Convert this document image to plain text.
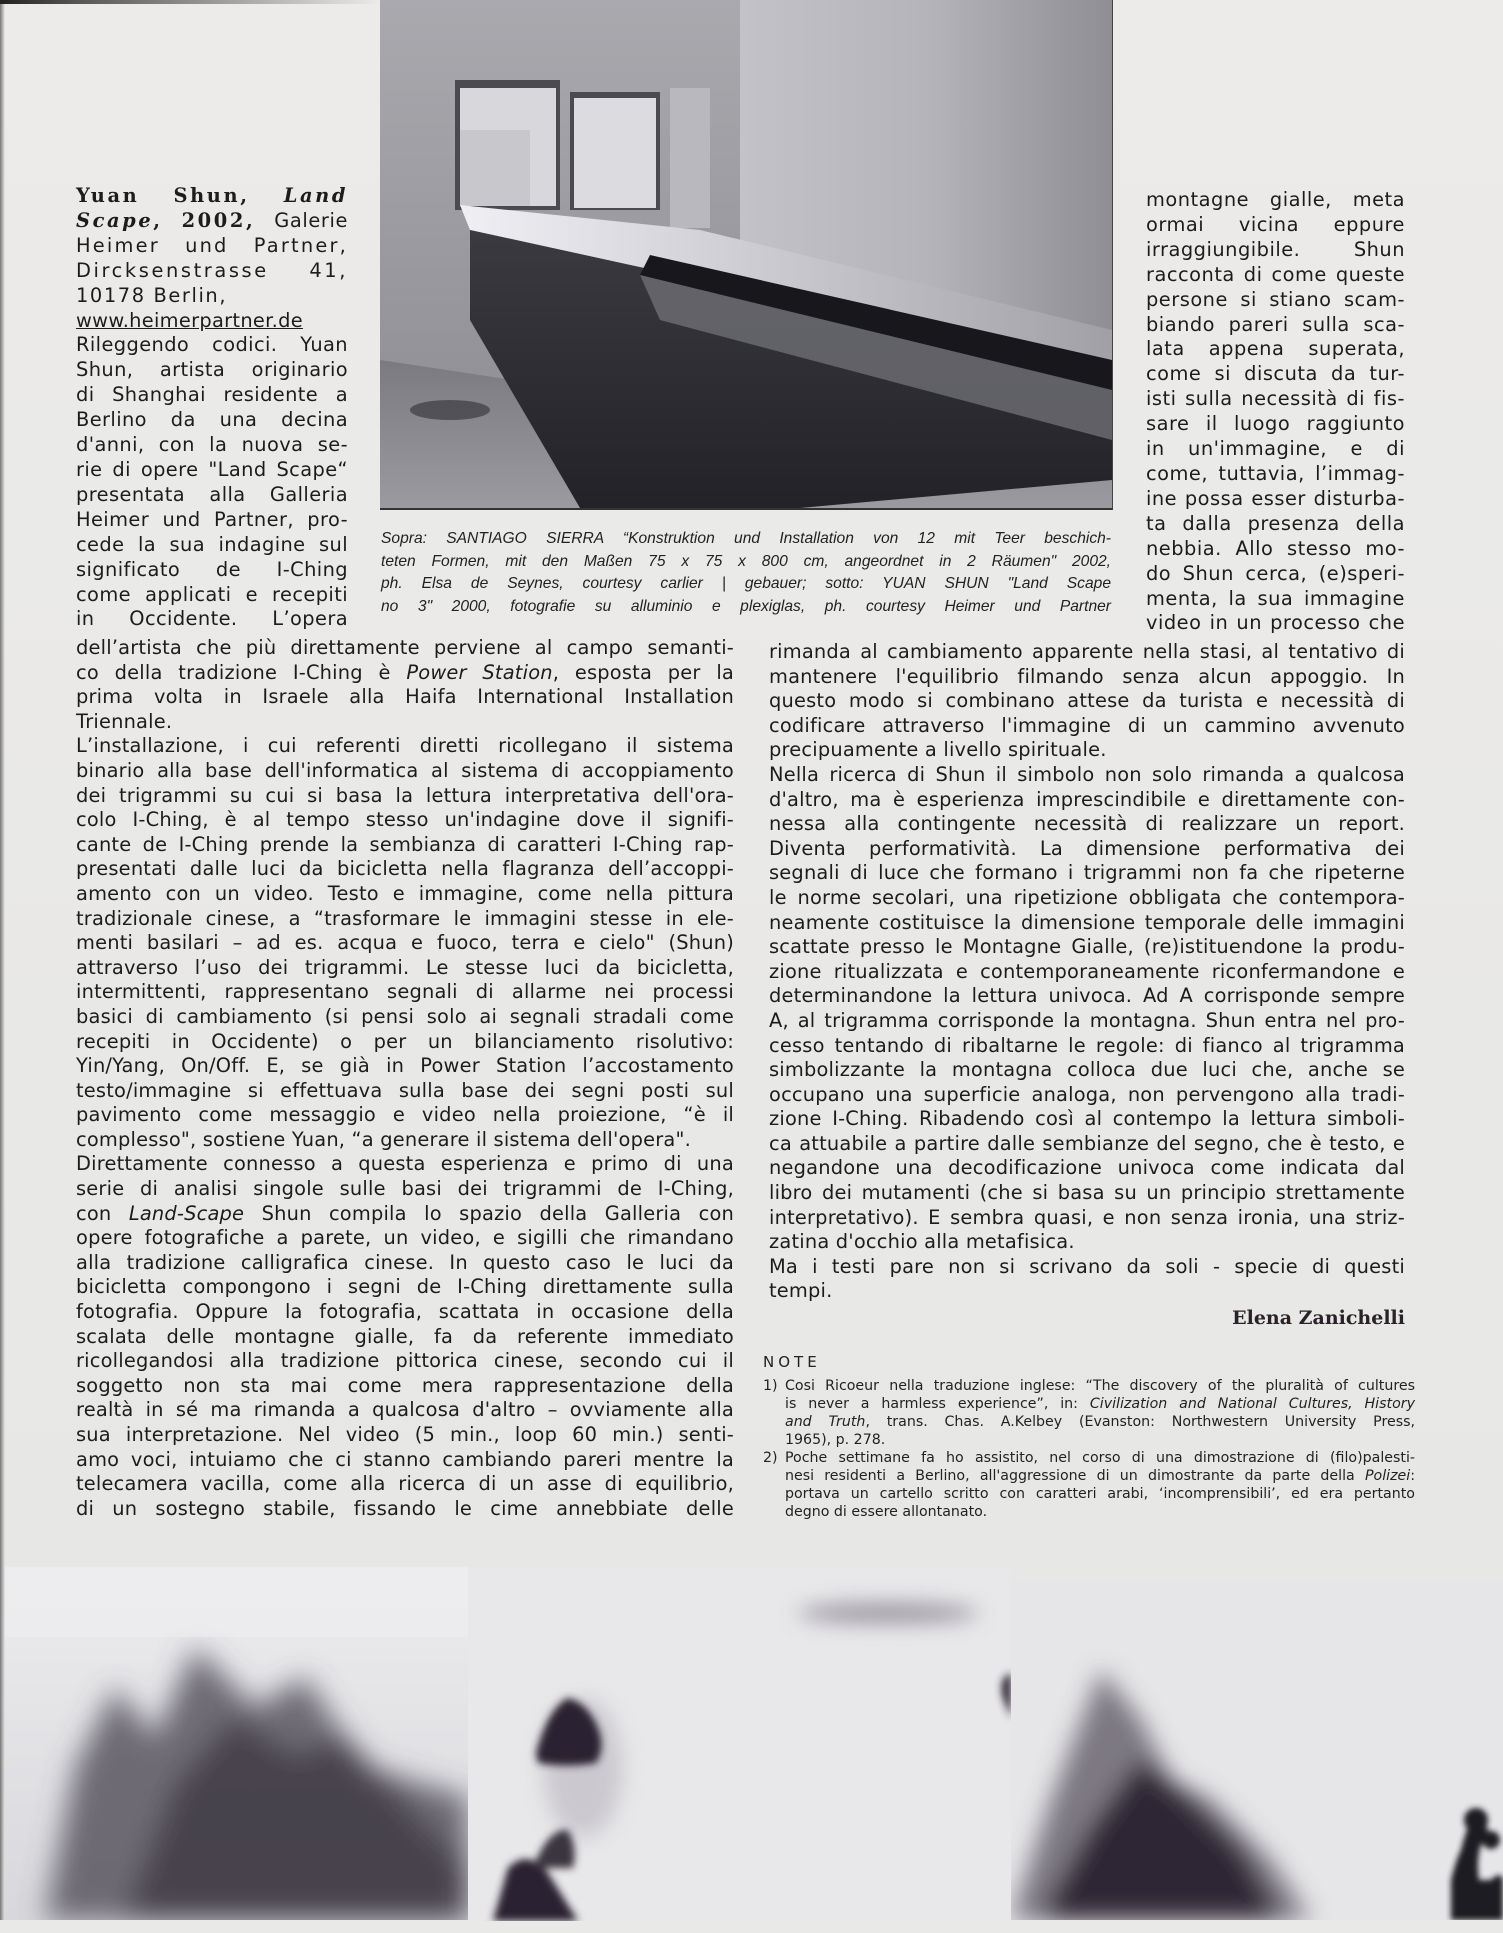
Sopra: SANTIAGO SIERRA “Konstruktion und Installation von 12 mit Teer beschich-
teten Formen, mit den Maßen 75 x 75 x 800 cm, angeordnet in 2 Räumen" 2002,
ph. Elsa de Seynes, courtesy carlier | gebauer; sotto: YUAN SHUN "Land Scape
no 3" 2000, fotografie su alluminio e plexiglas, ph. courtesy Heimer und Partner
Yuan Shun, Land
Scape, 2002, Galerie
Heimer und Partner,
Dircksenstrasse 41,
10178 Berlin,
www.heimerpartner.de
Rileggendo codici. Yuan
Shun, artista originario
di Shanghai residente a
Berlino da una decina
d'anni, con la nuova se-
rie di opere "Land Scape“
presentata alla Galleria
Heimer und Partner, pro-
cede la sua indagine sul
significato de I-Ching
come applicati e recepiti
in Occidente. L’opera
montagne gialle, meta
ormai vicina eppure
irraggiungibile. Shun
racconta di come queste
persone si stiano scam-
biando pareri sulla sca-
lata appena superata,
come si discuta da tur-
isti sulla necessità di fis-
sare il luogo raggiunto
in un'immagine, e di
come, tuttavia, l’immag-
ine possa esser disturba-
ta dalla presenza della
nebbia. Allo stesso mo-
do Shun cerca, (e)speri-
menta, la sua immagine
video in un processo che
dell’artista che più direttamente perviene al campo semanti-
co della tradizione I-Ching è Power Station, esposta per la
prima volta in Israele alla Haifa International Installation
Triennale.
L’installazione, i cui referenti diretti ricollegano il sistema
binario alla base dell'informatica al sistema di accoppiamento
dei trigrammi su cui si basa la lettura interpretativa dell'ora-
colo I-Ching, è al tempo stesso un'indagine dove il signifi-
cante de I-Ching prende la sembianza di caratteri I-Ching rap-
presentati dalle luci da bicicletta nella flagranza dell’accoppi-
amento con un video. Testo e immagine, come nella pittura
tradizionale cinese, a “trasformare le immagini stesse in ele-
menti basilari – ad es. acqua e fuoco, terra e cielo" (Shun)
attraverso l’uso dei trigrammi. Le stesse luci da bicicletta,
intermittenti, rappresentano segnali di allarme nei processi
basici di cambiamento (si pensi solo ai segnali stradali come
recepiti in Occidente) o per un bilanciamento risolutivo:
Yin/Yang, On/Off. E, se già in Power Station l’accostamento
testo/immagine si effettuava sulla base dei segni posti sul
pavimento come messaggio e video nella proiezione, “è il
complesso", sostiene Yuan, “a generare il sistema dell'opera".
Direttamente connesso a questa esperienza e primo di una
serie di analisi singole sulle basi dei trigrammi de I-Ching,
con Land-Scape Shun compila lo spazio della Galleria con
opere fotografiche a parete, un video, e sigilli che rimandano
alla tradizione calligrafica cinese. In questo caso le luci da
bicicletta compongono i segni de I-Ching direttamente sulla
fotografia. Oppure la fotografia, scattata in occasione della
scalata delle montagne gialle, fa da referente immediato
ricollegandosi alla tradizione pittorica cinese, secondo cui il
soggetto non sta mai come mera rappresentazione della
realtà in sé ma rimanda a qualcosa d'altro – ovviamente alla
sua interpretazione. Nel video (5 min., loop 60 min.) senti-
amo voci, intuiamo che ci stanno cambiando pareri mentre la
telecamera vacilla, come alla ricerca di un asse di equilibrio,
di un sostegno stabile, fissando le cime annebbiate delle
rimanda al cambiamento apparente nella stasi, al tentativo di
mantenere l'equilibrio filmando senza alcun appoggio. In
questo modo si combinano attese da turista e necessità di
codificare attraverso l'immagine di un cammino avvenuto
precipuamente a livello spirituale.
Nella ricerca di Shun il simbolo non solo rimanda a qualcosa
d'altro, ma è esperienza imprescindibile e direttamente con-
nessa alla contingente necessità di realizzare un report.
Diventa performatività. La dimensione performativa dei
segnali di luce che formano i trigrammi non fa che ripeterne
le norme secolari, una ripetizione obbligata che contempora-
neamente costituisce la dimensione temporale delle immagini
scattate presso le Montagne Gialle, (re)istituendone la produ-
zione ritualizzata e contemporaneamente riconfermandone e
determinandone la lettura univoca. Ad A corrisponde sempre
A, al trigramma corrisponde la montagna. Shun entra nel pro-
cesso tentando di ribaltarne le regole: di fianco al trigramma
simbolizzante la montagna colloca due luci che, anche se
occupano una superficie analoga, non pervengono alla tradi-
zione I-Ching. Ribadendo così al contempo la lettura simboli-
ca attuabile a partire dalle sembianze del segno, che è testo, e
negandone una decodificazione univoca come indicata dal
libro dei mutamenti (che si basa su un principio strettamente
interpretativo). E sembra quasi, e non senza ironia, una striz-
zatina d'occhio alla metafisica.
Ma i testi pare non si scrivano da soli - specie di questi
tempi.
Elena Zanichelli
NOTE
1) Cosi Ricoeur nella traduzione inglese: “The discovery of the pluralità of cultures
is never a harmless experience”, in: Civilization and National Cultures, History
and Truth, trans. Chas. A.Kelbey (Evanston: Northwestern University Press,
1965), p. 278.
2) Poche settimane fa ho assistito, nel corso di una dimostrazione di (filo)palesti-
nesi residenti a Berlino, all'aggressione di un dimostrante da parte della Polizei:
portava un cartello scritto con caratteri arabi, ‘incomprensibili’, ed era pertanto
degno di essere allontanato.
